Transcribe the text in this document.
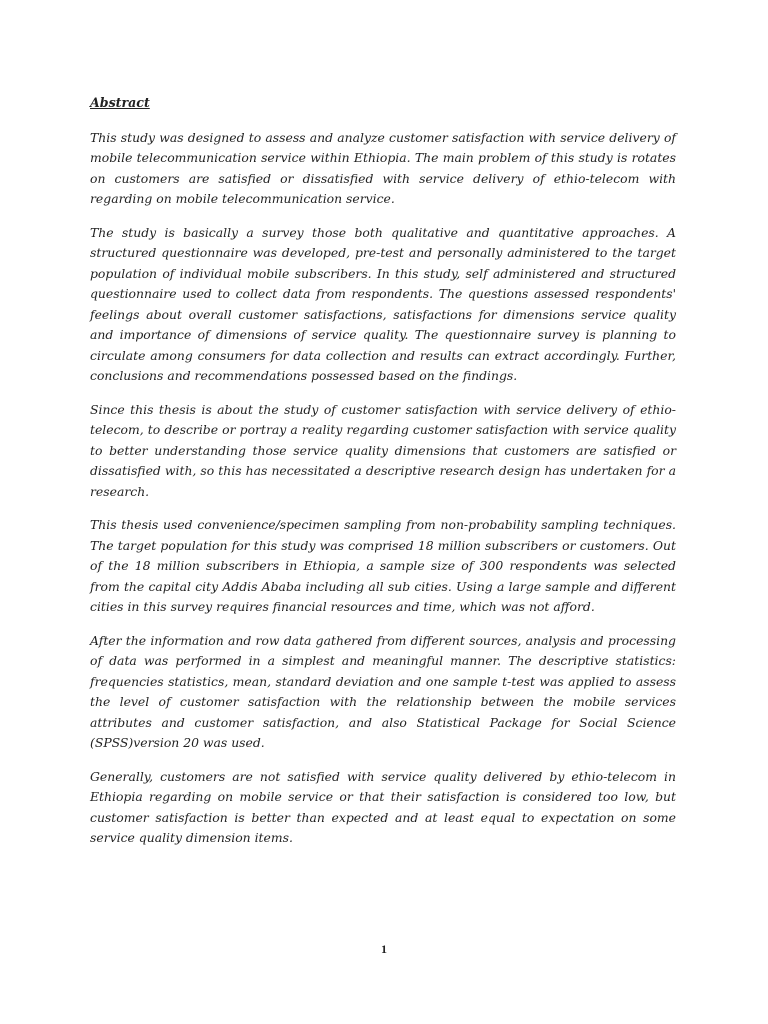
Abstract

This study was designed to assess and analyze customer satisfaction with service delivery of mobile telecommunication service within Ethiopia. The main problem of this study is rotates on customers are satisfied or dissatisfied with service delivery of ethio-telecom with regarding on mobile telecommunication service.

The study is basically a survey those both qualitative and quantitative approaches. A structured questionnaire was developed, pre-test and personally administered to the target population of individual mobile subscribers. In this study, self administered and structured questionnaire used to collect data from respondents. The questions assessed respondents' feelings about overall customer satisfactions, satisfactions for dimensions service quality and importance of dimensions of service quality. The questionnaire survey is planning to circulate among consumers for data collection and results can extract accordingly. Further, conclusions and recommendations possessed based on the findings.

Since this thesis is about the study of customer satisfaction with service delivery of ethio-telecom, to describe or portray a reality regarding customer satisfaction with service quality to better understanding those service quality dimensions that customers are satisfied or dissatisfied with, so this has necessitated a descriptive research design has undertaken for a research.

This thesis used convenience/specimen sampling from non-probability sampling techniques. The target population for this study was comprised 18 million subscribers or customers. Out of the 18 million subscribers in Ethiopia, a sample size of 300 respondents was selected from the capital city Addis Ababa including all sub cities. Using a large sample and different cities in this survey requires financial resources and time, which was not afford.

After the information and row data gathered from different sources, analysis and processing of data was performed in a simplest and meaningful manner. The descriptive statistics: frequencies statistics, mean, standard deviation and one sample t-test was applied to assess the level of customer satisfaction with the relationship between the mobile services attributes and customer satisfaction, and also Statistical Package for Social Science (SPSS)version 20 was used.

Generally, customers are not satisfied with service quality delivered by ethio-telecom in Ethiopia regarding on mobile service or that their satisfaction is considered too low, but customer satisfaction is better than expected and at least equal to expectation on some service quality dimension items.

1
